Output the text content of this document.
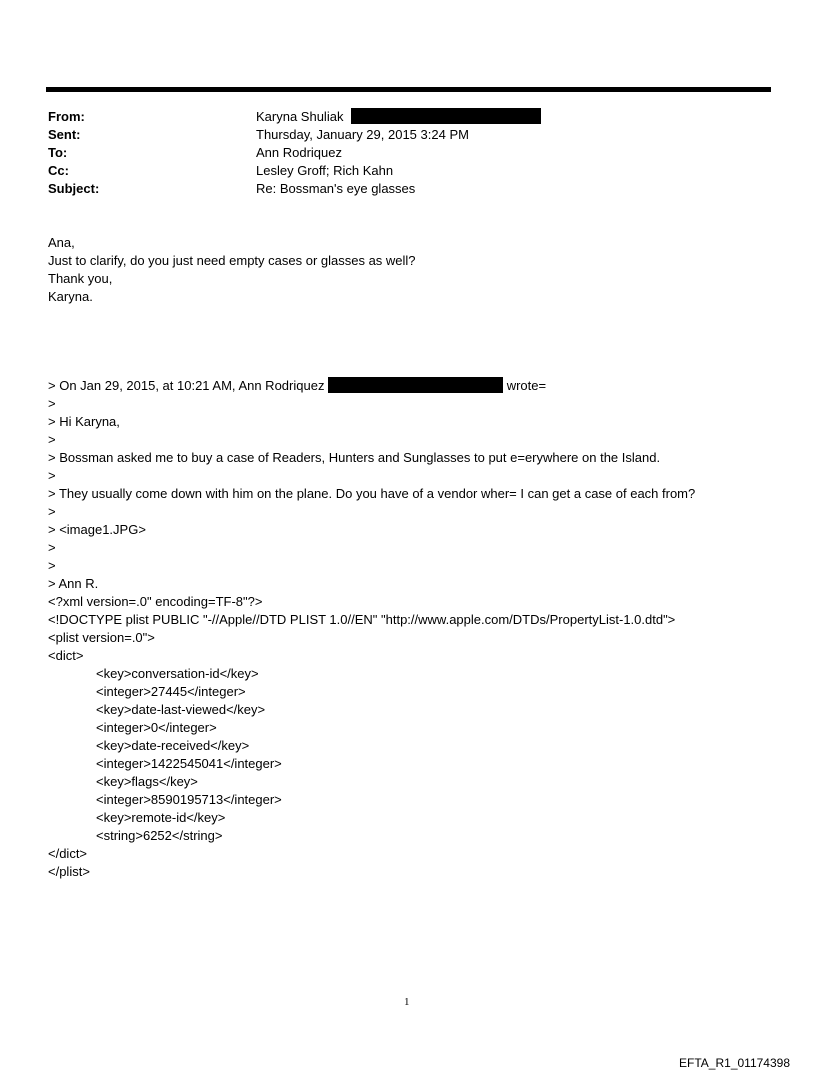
From:	Karyna Shuliak
Sent:	Thursday, January 29, 2015 3:24 PM
To:	Ann Rodriquez
Cc:	Lesley Groff; Rich Kahn
Subject:	Re: Bossman's eye glasses
Ana,
Just to clarify, do you just need empty cases or glasses as well?
Thank you,
Karyna.
> On Jan 29, 2015, at 10:21 AM, Ann Rodriquez	wrote=
>
> Hi Karyna,
>
> Bossman asked me to buy a case of Readers, Hunters and Sunglasses to put e=erywhere on the Island.
>
> They usually come down with him on the plane. Do you have of a vendor wher= I can get a case of each from?
>
> <image1.JPG>
>
>
> Ann R.
<?xml version=.0" encoding=TF-8"?>
<!DOCTYPE plist PUBLIC "-//Apple//DTD PLIST 1.0//EN" "http://www.apple.com/DTDs/PropertyList-1.0.dtd">
<plist version=.0">
<dict>
<key>conversation-id</key>
<integer>27445</integer>
<key>date-last-viewed</key>
<integer>0</integer>
<key>date-received</key>
<integer>1422545041</integer>
<key>flags</key>
<integer>8590195713</integer>
<key>remote-id</key>
<string>6252</string>
</dict>
</plist>
1
EFTA_R1_01174398
